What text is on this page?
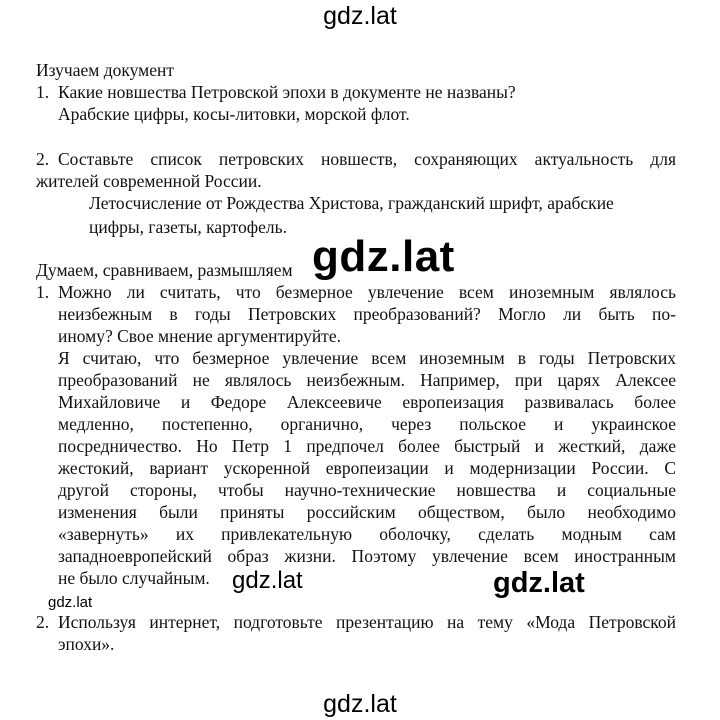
gdz.lat
Изучаем документ
1. Какие новшества Петровской эпохи в документе не названы?
Арабские цифры, косы-литовки, морской флот.
2. Составьте список петровских новшеств, сохраняющих актуальность для
жителей современной России.
Летосчисление от Рождества Христова, гражданский шрифт, арабские
цифры, газеты, картофель.
Думаем, сравниваем, размышляем
1. Можно ли считать, что безмерное увлечение всем иноземным являлось
неизбежным в годы Петровских преобразований? Могло ли быть по-
иному? Свое мнение аргументируйте.
Я считаю, что безмерное увлечение всем иноземным в годы Петровских
преобразований не являлось неизбежным. Например, при царях Алексее
Михайловиче и Федоре Алексеевиче европеизация развивалась более
медленно, постепенно, органично, через польское и украинское
посредничество. Но Петр 1 предпочел более быстрый и жесткий, даже
жестокий, вариант ускоренной европеизации и модернизации России. С
другой стороны, чтобы научно-технические новшества и социальные
изменения были приняты российским обществом, было необходимо
«завернуть» их привлекательную оболочку, сделать модным сам
западноевропейский образ жизни. Поэтому увлечение всем иностранным
не было случайным.
2. Используя интернет, подготовьте презентацию на тему «Мода Петровской
эпохи».
gdz.lat
gdz.lat	gdz.lat
gdz.lat
gdz.lat
